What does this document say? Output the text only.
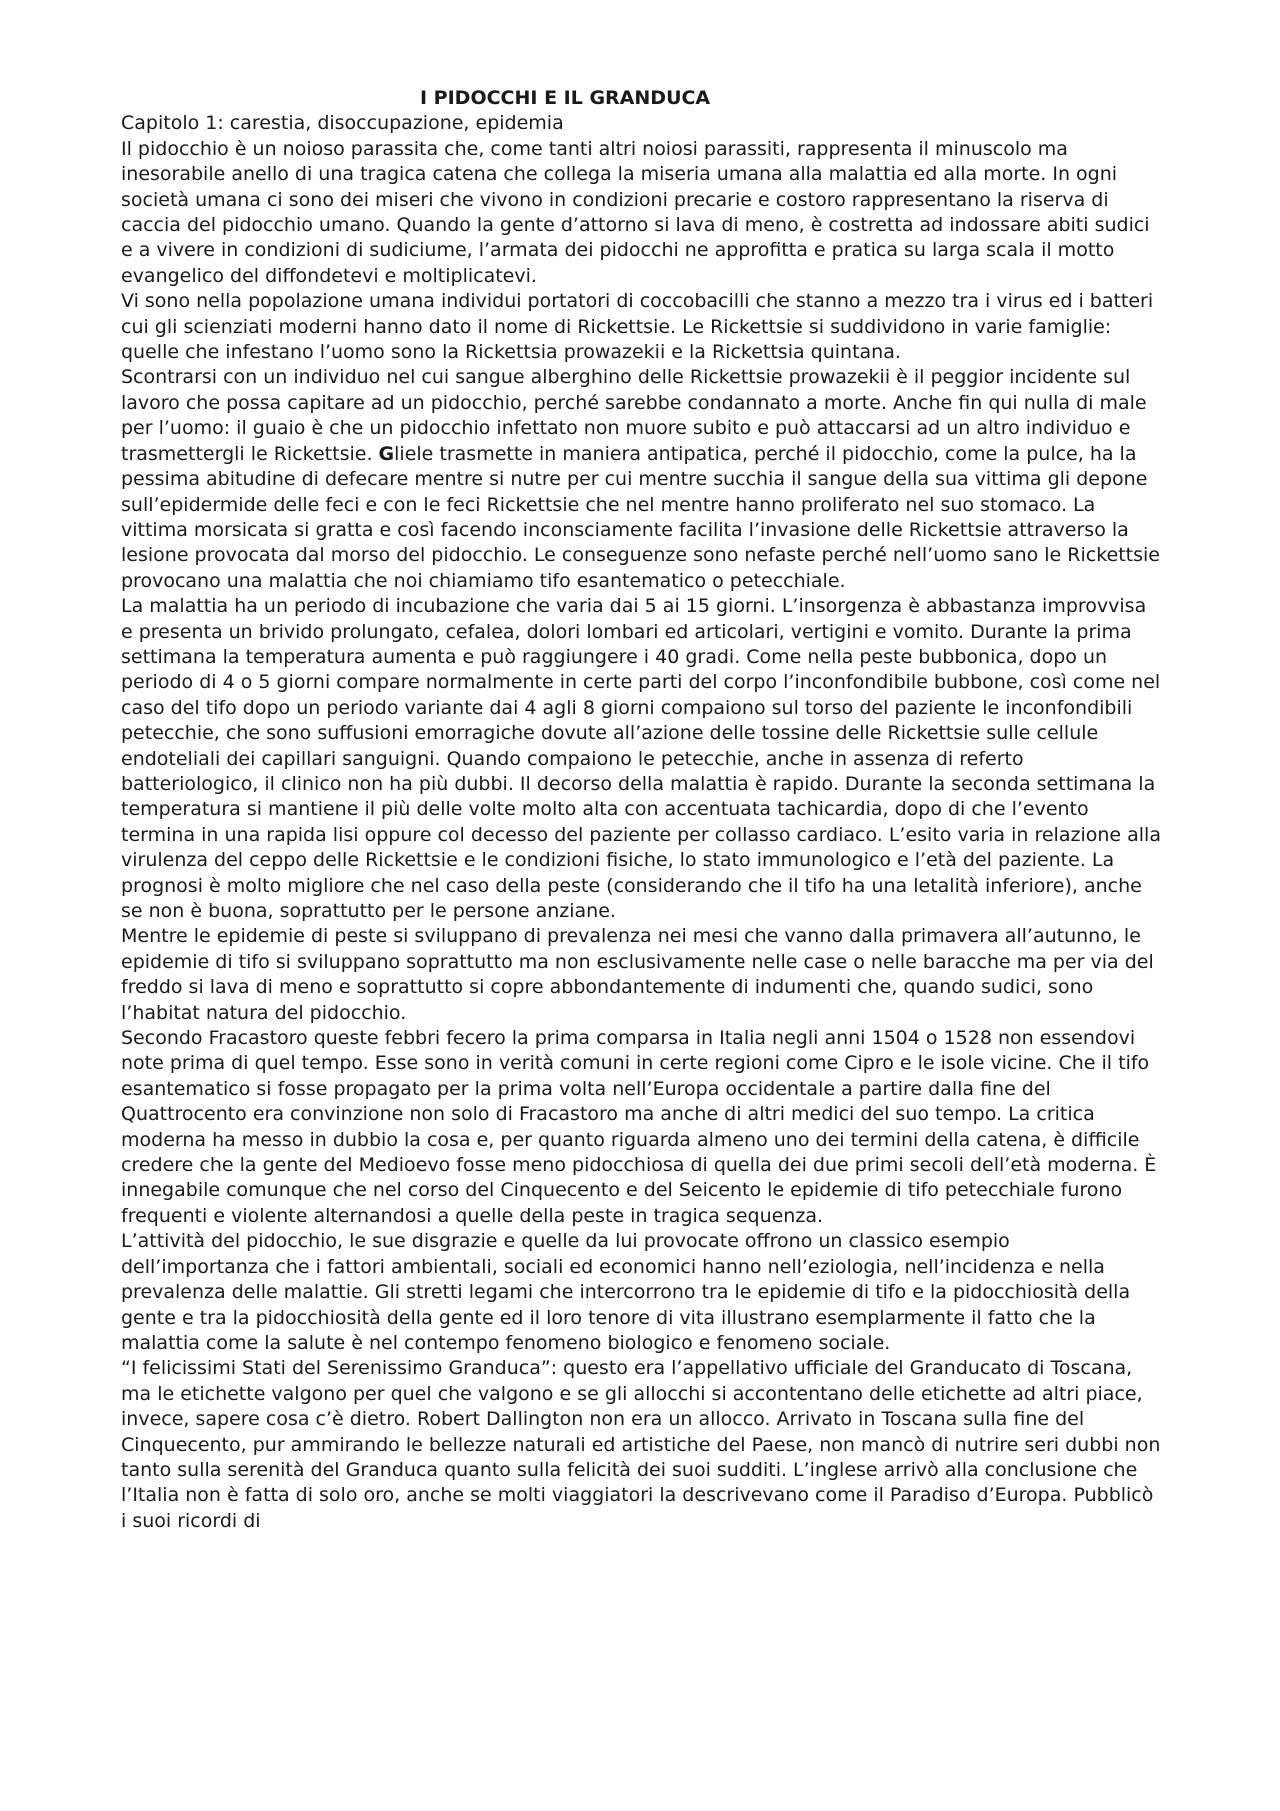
I PIDOCCHI E IL GRANDUCA

Capitolo 1: carestia, disoccupazione, epidemia

Il pidocchio è un noioso parassita che, come tanti altri noiosi parassiti, rappresenta il minuscolo ma inesorabile anello di una tragica catena che collega la miseria umana alla malattia ed alla morte. In ogni società umana ci sono dei miseri che vivono in condizioni precarie e costoro rappresentano la riserva di caccia del pidocchio umano. Quando la gente d’attorno si lava di meno, è costretta ad indossare abiti sudici e a vivere in condizioni di sudiciume, l’armata dei pidocchi ne approfitta e pratica su larga scala il motto evangelico del diffondetevi e moltiplicatevi.

Vi sono nella popolazione umana individui portatori di coccobacilli che stanno a mezzo tra i virus ed i batteri cui gli scienziati moderni hanno dato il nome di Rickettsie. Le Rickettsie si suddividono in varie famiglie: quelle che infestano l’uomo sono la Rickettsia prowazekii e la Rickettsia quintana.

Scontrarsi con un individuo nel cui sangue alberghino delle Rickettsie prowazekii è il peggior incidente sul lavoro che possa capitare ad un pidocchio, perché sarebbe condannato a morte. Anche fin qui nulla di male per l’uomo: il guaio è che un pidocchio infettato non muore subito e può attaccarsi ad un altro individuo e trasmettergli le Rickettsie. Gliele trasmette in maniera antipatica, perché il pidocchio, come la pulce, ha la pessima abitudine di defecare mentre si nutre per cui mentre succhia il sangue della sua vittima gli depone sull’epidermide delle feci e con le feci Rickettsie che nel mentre hanno proliferato nel suo stomaco. La vittima morsicata si gratta e così facendo inconsciamente facilita l’invasione delle Rickettsie attraverso la lesione provocata dal morso del pidocchio. Le conseguenze sono nefaste perché nell’uomo sano le Rickettsie provocano una malattia che noi chiamiamo tifo esantematico o petecchiale.

La malattia ha un periodo di incubazione che varia dai 5 ai 15 giorni. L’insorgenza è abbastanza improvvisa e presenta un brivido prolungato, cefalea, dolori lombari ed articolari, vertigini e vomito. Durante la prima settimana la temperatura aumenta e può raggiungere i 40 gradi. Come nella peste bubbonica, dopo un periodo di 4 o 5 giorni compare normalmente in certe parti del corpo l’inconfondibile bubbone, così come nel caso del tifo dopo un periodo variante dai 4 agli 8 giorni compaiono sul torso del paziente le inconfondibili petecchie, che sono suffusioni emorragiche dovute all’azione delle tossine delle Rickettsie sulle cellule endoteliali dei capillari sanguigni. Quando compaiono le petecchie, anche in assenza di referto batteriologico, il clinico non ha più dubbi. Il decorso della malattia è rapido. Durante la seconda settimana la temperatura si mantiene il più delle volte molto alta con accentuata tachicardia, dopo di che l’evento termina in una rapida lisi oppure col decesso del paziente per collasso cardiaco. L’esito varia in relazione alla virulenza del ceppo delle Rickettsie e le condizioni fisiche, lo stato immunologico e l’età del paziente. La prognosi è molto migliore che nel caso della peste (considerando che il tifo ha una letalità inferiore), anche se non è buona, soprattutto per le persone anziane.

Mentre le epidemie di peste si sviluppano di prevalenza nei mesi che vanno dalla primavera all’autunno, le epidemie di tifo si sviluppano soprattutto ma non esclusivamente nelle case o nelle baracche ma per via del freddo si lava di meno e soprattutto si copre abbondantemente di indumenti che, quando sudici, sono l’habitat natura del pidocchio.

Secondo Fracastoro queste febbri fecero la prima comparsa in Italia negli anni 1504 o 1528 non essendovi note prima di quel tempo. Esse sono in verità comuni in certe regioni come Cipro e le isole vicine. Che il tifo esantematico si fosse propagato per la prima volta nell’Europa occidentale a partire dalla fine del Quattrocento era convinzione non solo di Fracastoro ma anche di altri medici del suo tempo. La critica moderna ha messo in dubbio la cosa e, per quanto riguarda almeno uno dei termini della catena, è difficile credere che la gente del Medioevo fosse meno pidocchiosa di quella dei due primi secoli dell’età moderna. È innegabile comunque che nel corso del Cinquecento e del Seicento le epidemie di tifo petecchiale furono frequenti e violente alternandosi a quelle della peste in tragica sequenza.

L’attività del pidocchio, le sue disgrazie e quelle da lui provocate offrono un classico esempio dell’importanza che i fattori ambientali, sociali ed economici hanno nell’eziologia, nell’incidenza e nella prevalenza delle malattie. Gli stretti legami che intercorrono tra le epidemie di tifo e la pidocchiosità della gente e tra la pidocchiosità della gente ed il loro tenore di vita illustrano esemplarmente il fatto che la malattia come la salute è nel contempo fenomeno biologico e fenomeno sociale.

“I felicissimi Stati del Serenissimo Granduca”: questo era l’appellativo ufficiale del Granducato di Toscana, ma le etichette valgono per quel che valgono e se gli allocchi si accontentano delle etichette ad altri piace, invece, sapere cosa c’è dietro. Robert Dallington non era un allocco. Arrivato in Toscana sulla fine del Cinquecento, pur ammirando le bellezze naturali ed artistiche del Paese, non mancò di nutrire seri dubbi non tanto sulla serenità del Granduca quanto sulla felicità dei suoi sudditi. L’inglese arrivò alla conclusione che l’Italia non è fatta di solo oro, anche se molti viaggiatori la descrivevano come il Paradiso d’Europa. Pubblicò i suoi ricordi di
